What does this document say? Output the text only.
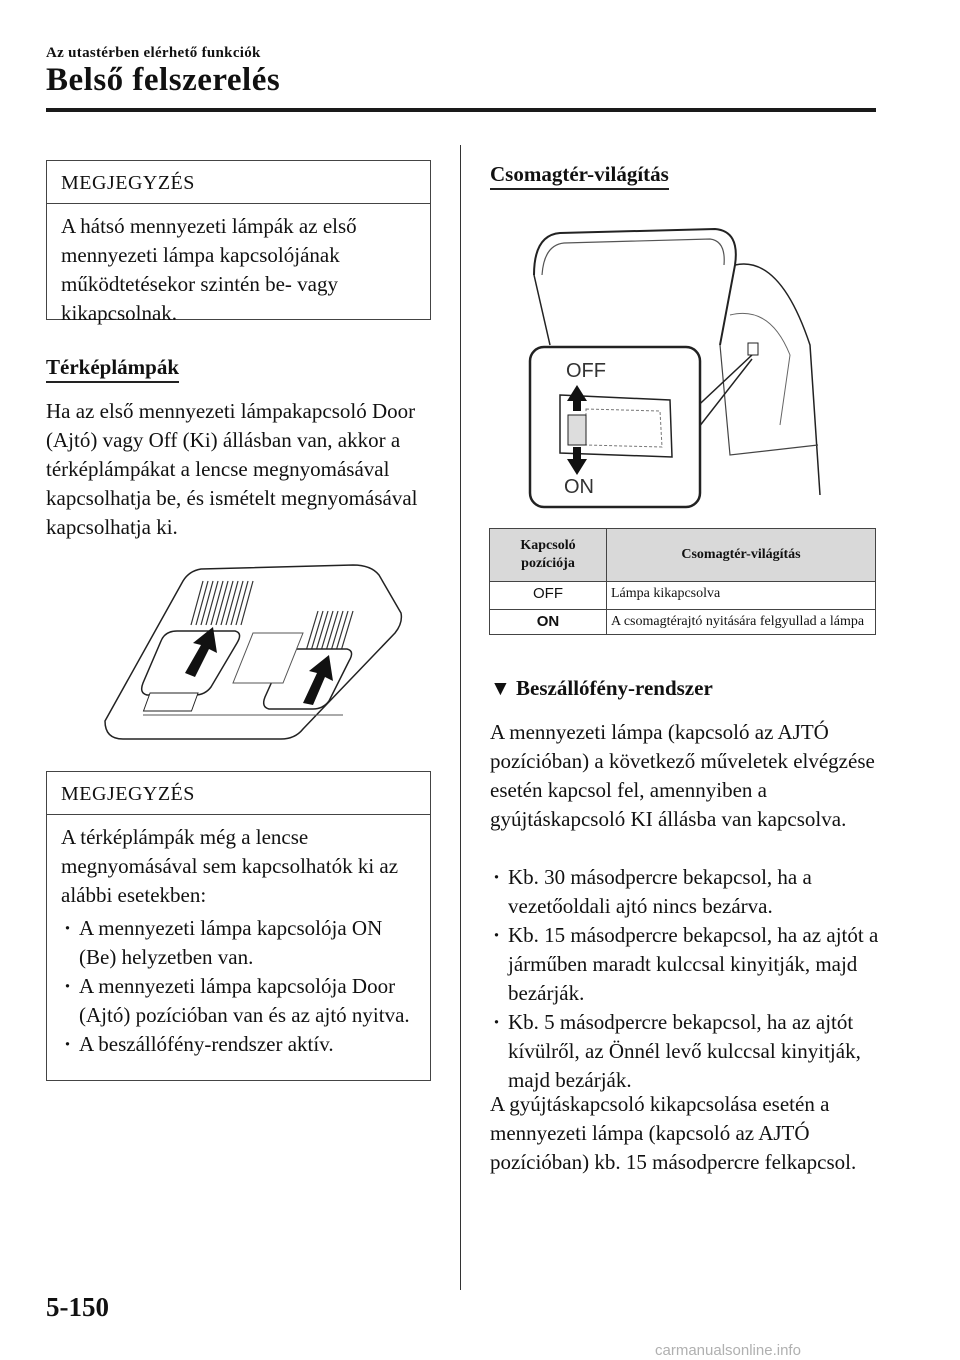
Az utastérben elérhető funkciók
Belső felszerelés
MEGJEGYZÉS

A hátsó mennyezeti lámpák az első mennyezeti lámpa kapcsolójának működtetésekor szintén be- vagy kikapcsolnak.

Térképlámpák

Ha az első mennyezeti lámpakapcsoló Door (Ajtó) vagy Off (Ki) állásban van, akkor a térképlámpákat a lencse megnyomásával kapcsolhatja be, és ismételt megnyomásával kapcsolhatja ki.

MEGJEGYZÉS

A térképlámpák még a lencse megnyomásával sem kapcsolhatók ki az alábbi esetekben:

· A mennyezeti lámpa kapcsolója ON (Be) helyzetben van.

· A mennyezeti lámpa kapcsolója Door (Ajtó) pozícióban van és az ajtó nyitva.

· A beszállófény-rendszer aktív.

Csomagtér-világítás
OFF
ON
Kapcsoló pozíciója	Csomagtér-világítás
OFF	Lámpa kikapcsolva
ON	A csomagtérajtó nyitására felgyullad a lámpa
▼ Beszállófény-rendszer

A mennyezeti lámpa (kapcsoló az AJTÓ pozícióban) a következő műveletek elvégzése esetén kapcsol fel, amennyiben a gyújtáskapcsoló KI állásba van kapcsolva.

· Kb. 30 másodpercre bekapcsol, ha a vezetőoldali ajtó nincs bezárva.

· Kb. 15 másodpercre bekapcsol, ha az ajtót a járműben maradt kulccsal kinyitják, majd bezárják.

· Kb. 5 másodpercre bekapcsol, ha az ajtót kívülről, az Önnél levő kulccsal kinyitják, majd bezárják.

A gyújtáskapcsoló kikapcsolása esetén a mennyezeti lámpa (kapcsoló az AJTÓ pozícióban) kb. 15 másodpercre felkapcsol.

5-150
carmanualsonline.info
